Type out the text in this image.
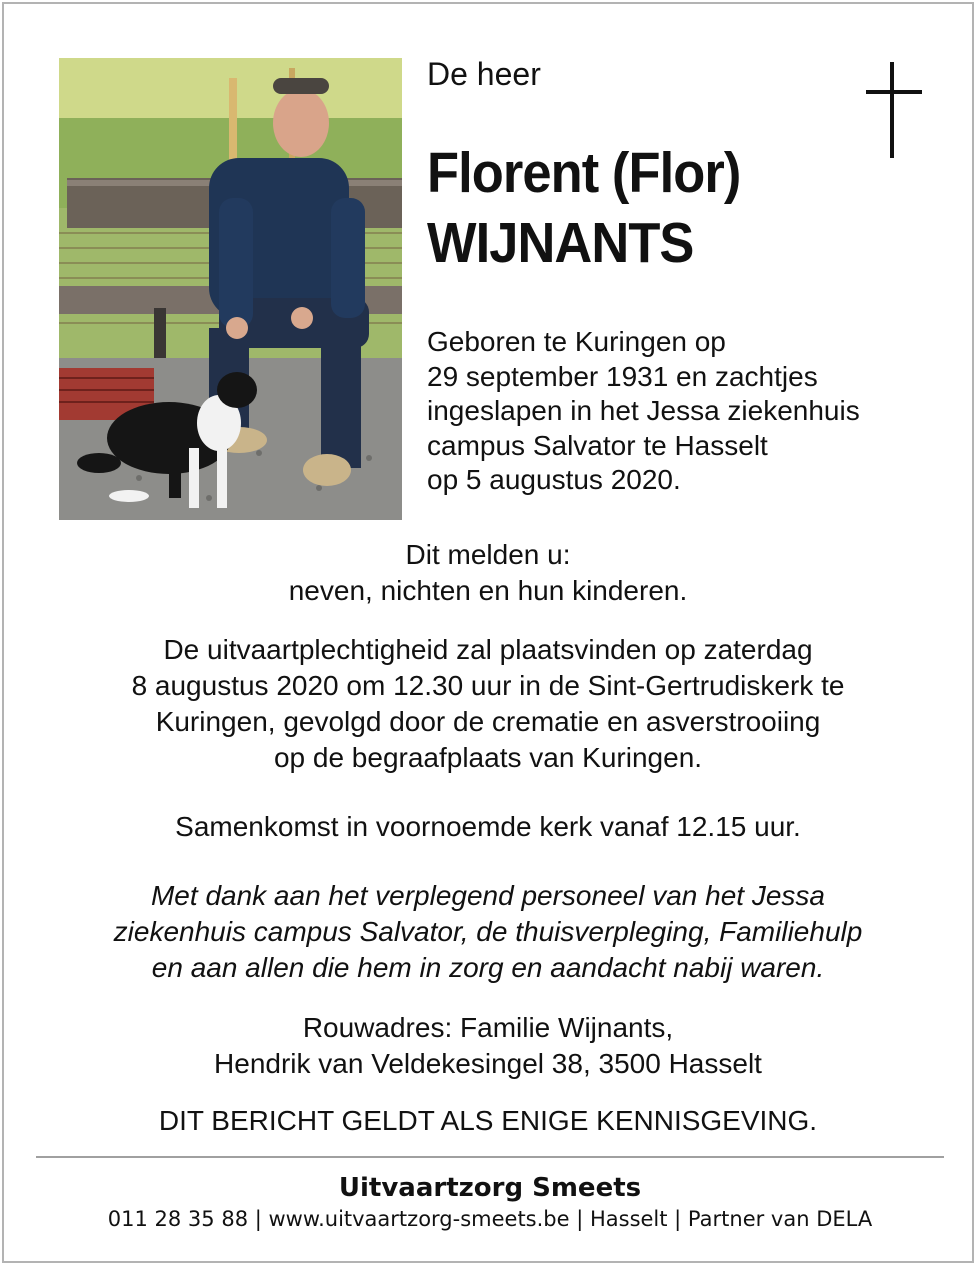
De heer
Florent (Flor)
WIJNANTS
Geboren te Kuringen op
29 september 1931 en zachtjes
ingeslapen in het Jessa ziekenhuis
campus Salvator te Hasselt
op 5 augustus 2020.
Dit melden u:
neven, nichten en hun kinderen.
De uitvaartplechtigheid zal plaatsvinden op zaterdag
8 augustus 2020 om 12.30 uur in de Sint-Gertrudiskerk te
Kuringen, gevolgd door de crematie en asverstrooiing
op de begraafplaats van Kuringen.
Samenkomst in voornoemde kerk vanaf 12.15 uur.
Met dank aan het verplegend personeel van het Jessa
ziekenhuis campus Salvator, de thuisverpleging, Familiehulp
en aan allen die hem in zorg en aandacht nabij waren.
Rouwadres: Familie Wijnants,
Hendrik van Veldekesingel 38, 3500 Hasselt
DIT BERICHT GELDT ALS ENIGE KENNISGEVING.
Uitvaartzorg Smeets
011 28 35 88 | www.uitvaartzorg-smeets.be | Hasselt | Partner van DELA
